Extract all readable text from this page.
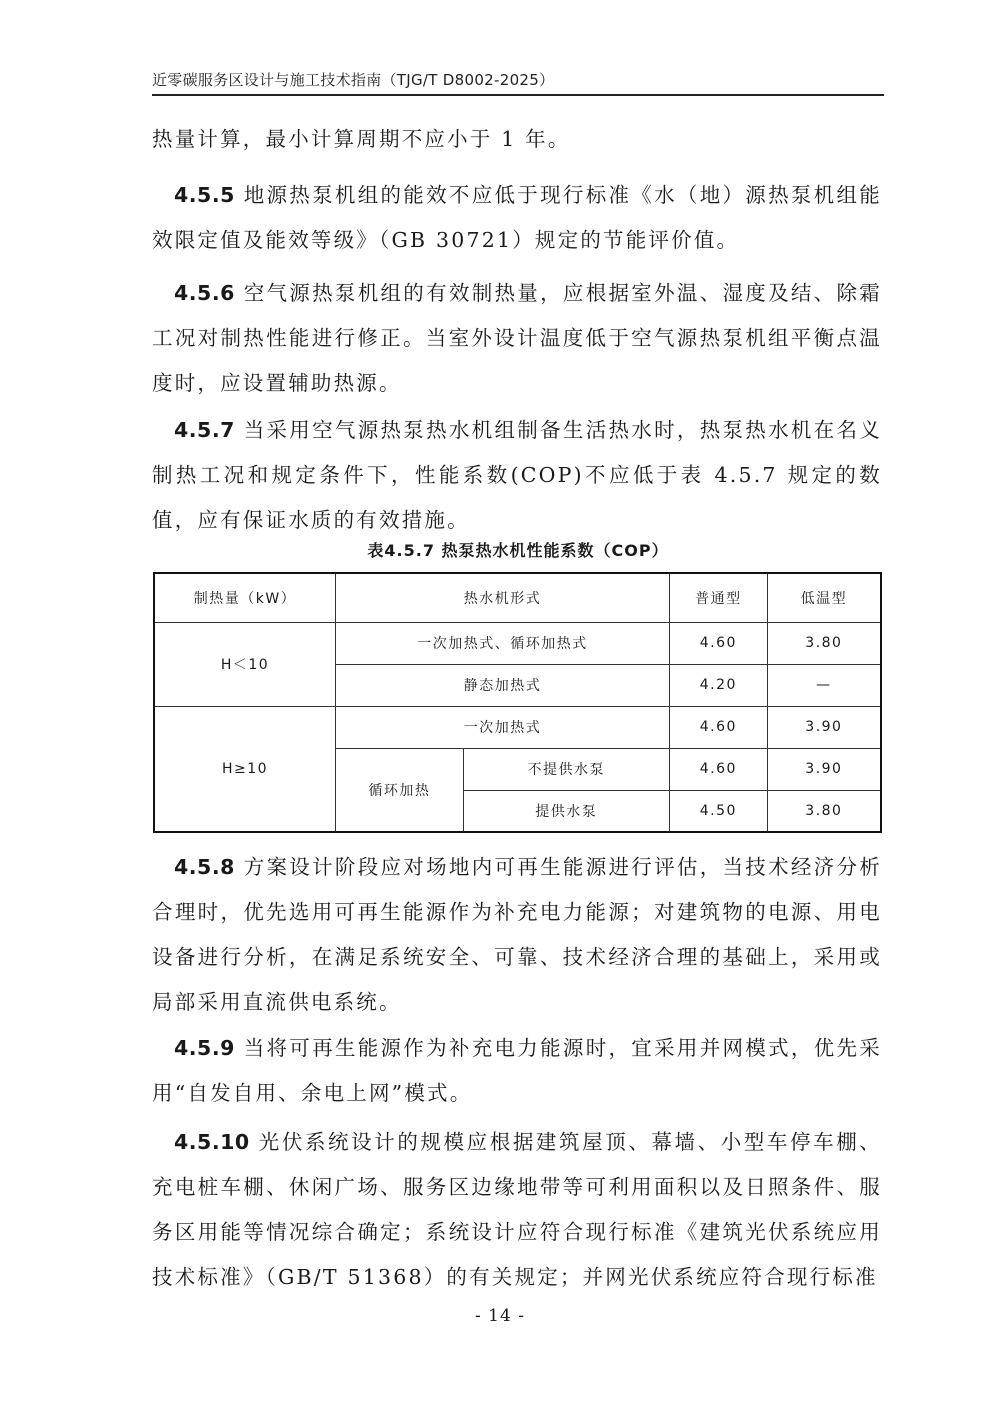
近零碳服务区设计与施工技术指南（TJG/T D8002-2025）

热量计算，最小计算周期不应小于 1 年。

4.5.5 地源热泵机组的能效不应低于现行标准《水（地）源热泵机组能效限定值及能效等级》（GB 30721）规定的节能评价值。

4.5.6 空气源热泵机组的有效制热量，应根据室外温、湿度及结、除霜工况对制热性能进行修正。当室外设计温度低于空气源热泵机组平衡点温度时，应设置辅助热源。

4.5.7 当采用空气源热泵热水机组制备生活热水时，热泵热水机在名义制热工况和规定条件下，性能系数(COP)不应低于表 4.5.7 规定的数值，应有保证水质的有效措施。

表4.5.7 热泵热水机性能系数（COP）
制热量（kW）	热水机形式		普通型	低温型
H＜10	一次加热式、循环加热式		4.60	3.80
	静态加热式		4.20	—
H≥10	一次加热式		4.60	3.90
	循环加热	不提供水泵	4.60	3.90
		提供水泵	4.50	3.80

4.5.8 方案设计阶段应对场地内可再生能源进行评估，当技术经济分析合理时，优先选用可再生能源作为补充电力能源；对建筑物的电源、用电设备进行分析，在满足系统安全、可靠、技术经济合理的基础上，采用或局部采用直流供电系统。

4.5.9 当将可再生能源作为补充电力能源时，宜采用并网模式，优先采用“自发自用、余电上网”模式。

4.5.10 光伏系统设计的规模应根据建筑屋顶、幕墙、小型车停车棚、充电桩车棚、休闲广场、服务区边缘地带等可利用面积以及日照条件、服务区用能等情况综合确定；系统设计应符合现行标准《建筑光伏系统应用技术标准》（GB/T 51368）的有关规定；并网光伏系统应符合现行标准

- 14 -
